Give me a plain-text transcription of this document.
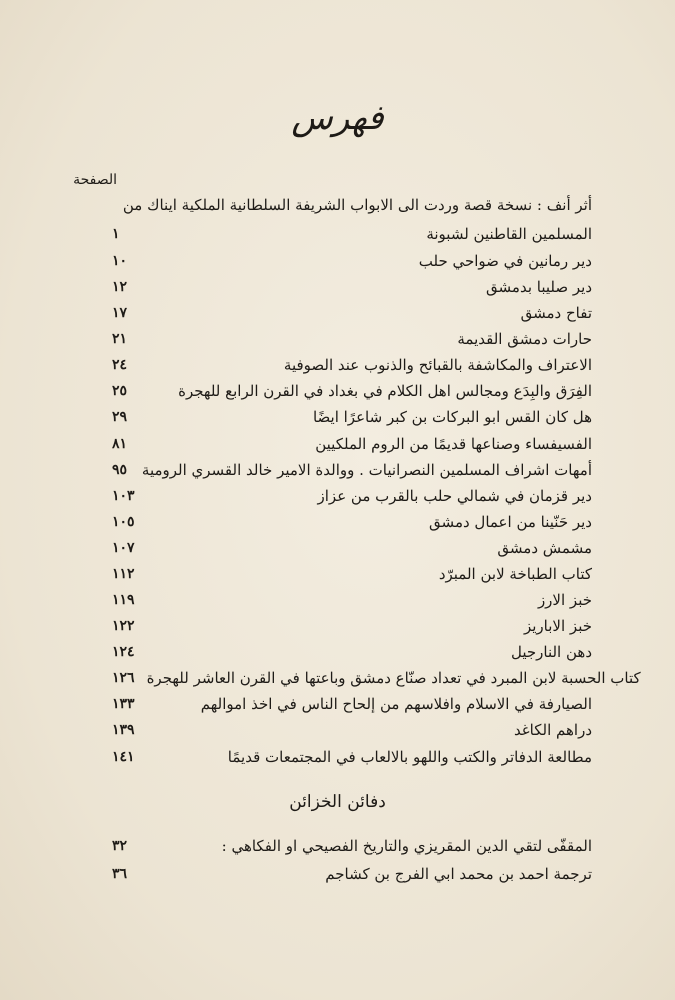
فهرس
الصفحة
أثر أنف : نسخة قصة وردت الى الابواب الشريفة السلطانية الملكية ايناك من
١	المسلمين القاطنين لشبونة
١٠	دير رمانين في ضواحي حلب
١٢	دير صليبا بدمشق
١٧	تفاح دمشق
٢١	حارات دمشق القديمة
٢٤	الاعتراف والمكاشفة بالقبائح والذنوب عند الصوفية
٢٥	الفِرَق والبِدَع ومجالس اهل الكلام في بغداد في القرن الرابع للهجرة
٢٩	هل كان القس ابو البركات بن كبر شاعرًا ايضًا
٨١	الفسيفساء وصناعها قديمًا من الروم الملكيين
٩٥ أمهات اشراف المسلمين النصرانيات . ووالدة الامير خالد القسري الرومية
١٠٣	دير قزمان في شمالي حلب بالقرب من عزاز
١٠٥	دير حَنّينا من اعمال دمشق
١٠٧	مشمش دمشق
١١٢	كتاب الطباخة لابن المبرّد
١١٩	خبز الارز
١٢٢	خبز الاباريز
١٢٤	دهن النارجيل
١٢٦ كتاب الحسبة لابن المبرد في تعداد صنّاع دمشق وباعتها في القرن العاشر للهجرة
١٣٣	الصيارفة في الاسلام وافلاسهم من إلحاح الناس في اخذ اموالهم
١٣٩	دراهم الكاغد
١٤١	مطالعة الدفاتر والكتب واللهو بالالعاب في المجتمعات قديمًا
دفائن الخزائن
٣٢	المقفّى لتقي الدين المقريزي والتاريخ الفصيحي او الفكاهي :
٣٦	ترجمة احمد بن محمد ابي الفرج بن كشاجم
